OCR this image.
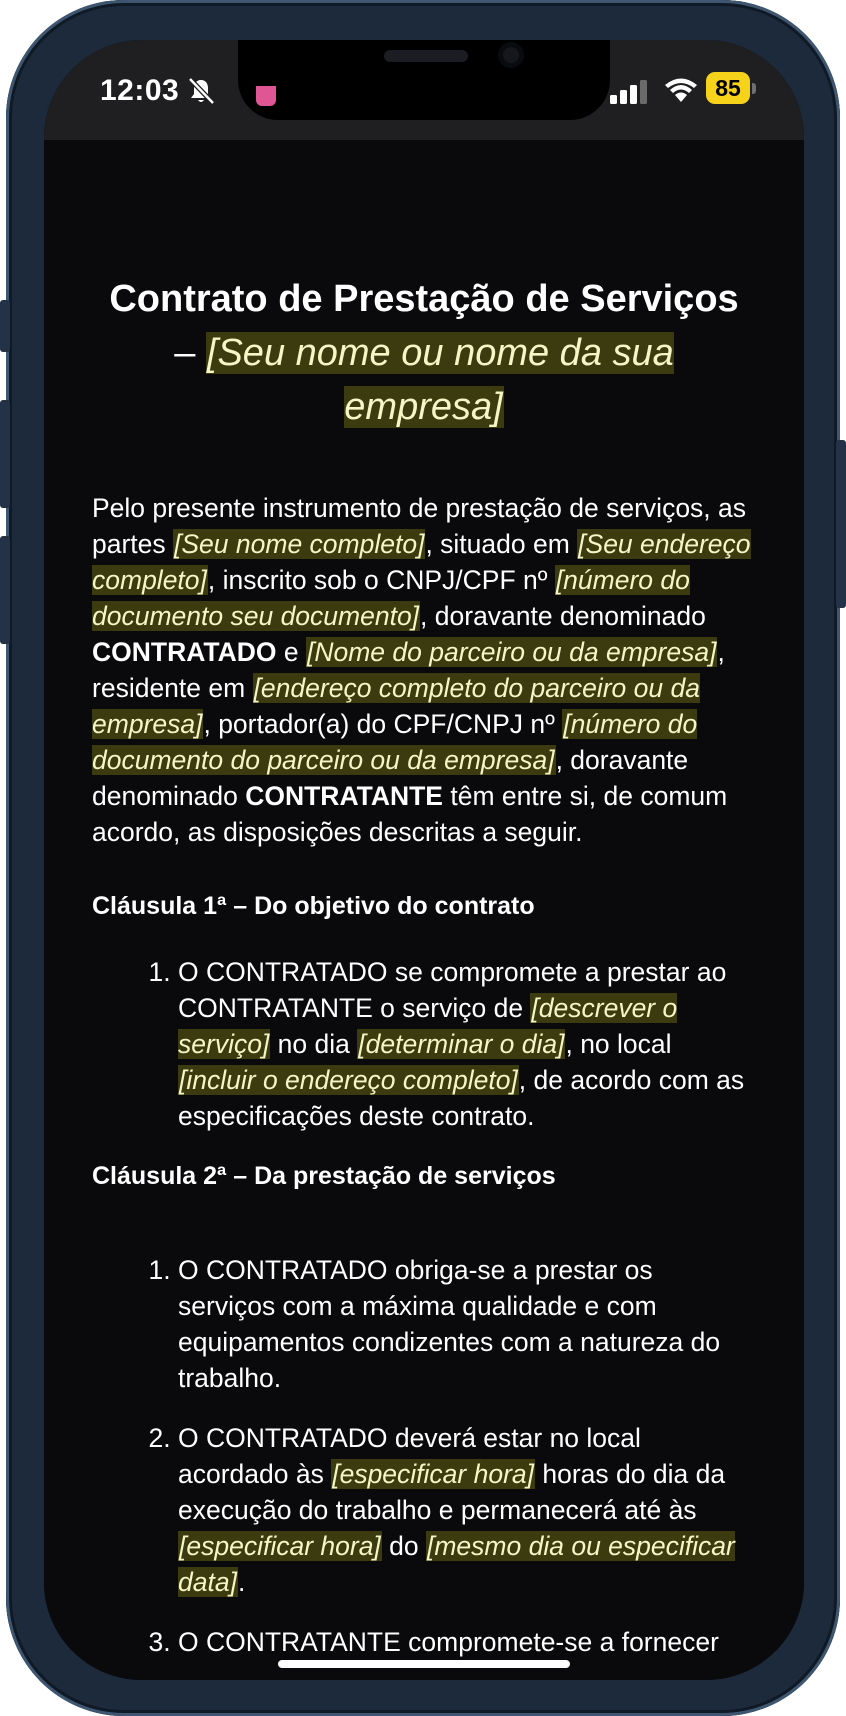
12:03	85
Contrato de Prestação de Serviços
– [Seu nome ou nome da sua empresa]

Pelo presente instrumento de prestação de serviços, as partes [Seu nome completo], situado em [Seu endereço completo], inscrito sob o CNPJ/CPF nº [número do documento seu documento], doravante denominado CONTRATADO e [Nome do parceiro ou da empresa], residente em [endereço completo do parceiro ou da empresa], portador(a) do CPF/CNPJ nº [número do documento do parceiro ou da empresa], doravante denominado CONTRATANTE têm entre si, de comum acordo, as disposições descritas a seguir.

Cláusula 1ª – Do objetivo do contrato
1. O CONTRATADO se compromete a prestar ao CONTRATANTE o serviço de [descrever o serviço] no dia [determinar o dia], no local [incluir o endereço completo], de acordo com as especificações deste contrato.
Cláusula 2ª – Da prestação de serviços
1. O CONTRATADO obriga-se a prestar os serviços com a máxima qualidade e com equipamentos condizentes com a natureza do trabalho.
2. O CONTRATADO deverá estar no local acordado às [especificar hora] horas do dia da execução do trabalho e permanecerá até às [especificar hora] do [mesmo dia ou especificar data].
3. O CONTRATANTE compromete-se a fornecer
